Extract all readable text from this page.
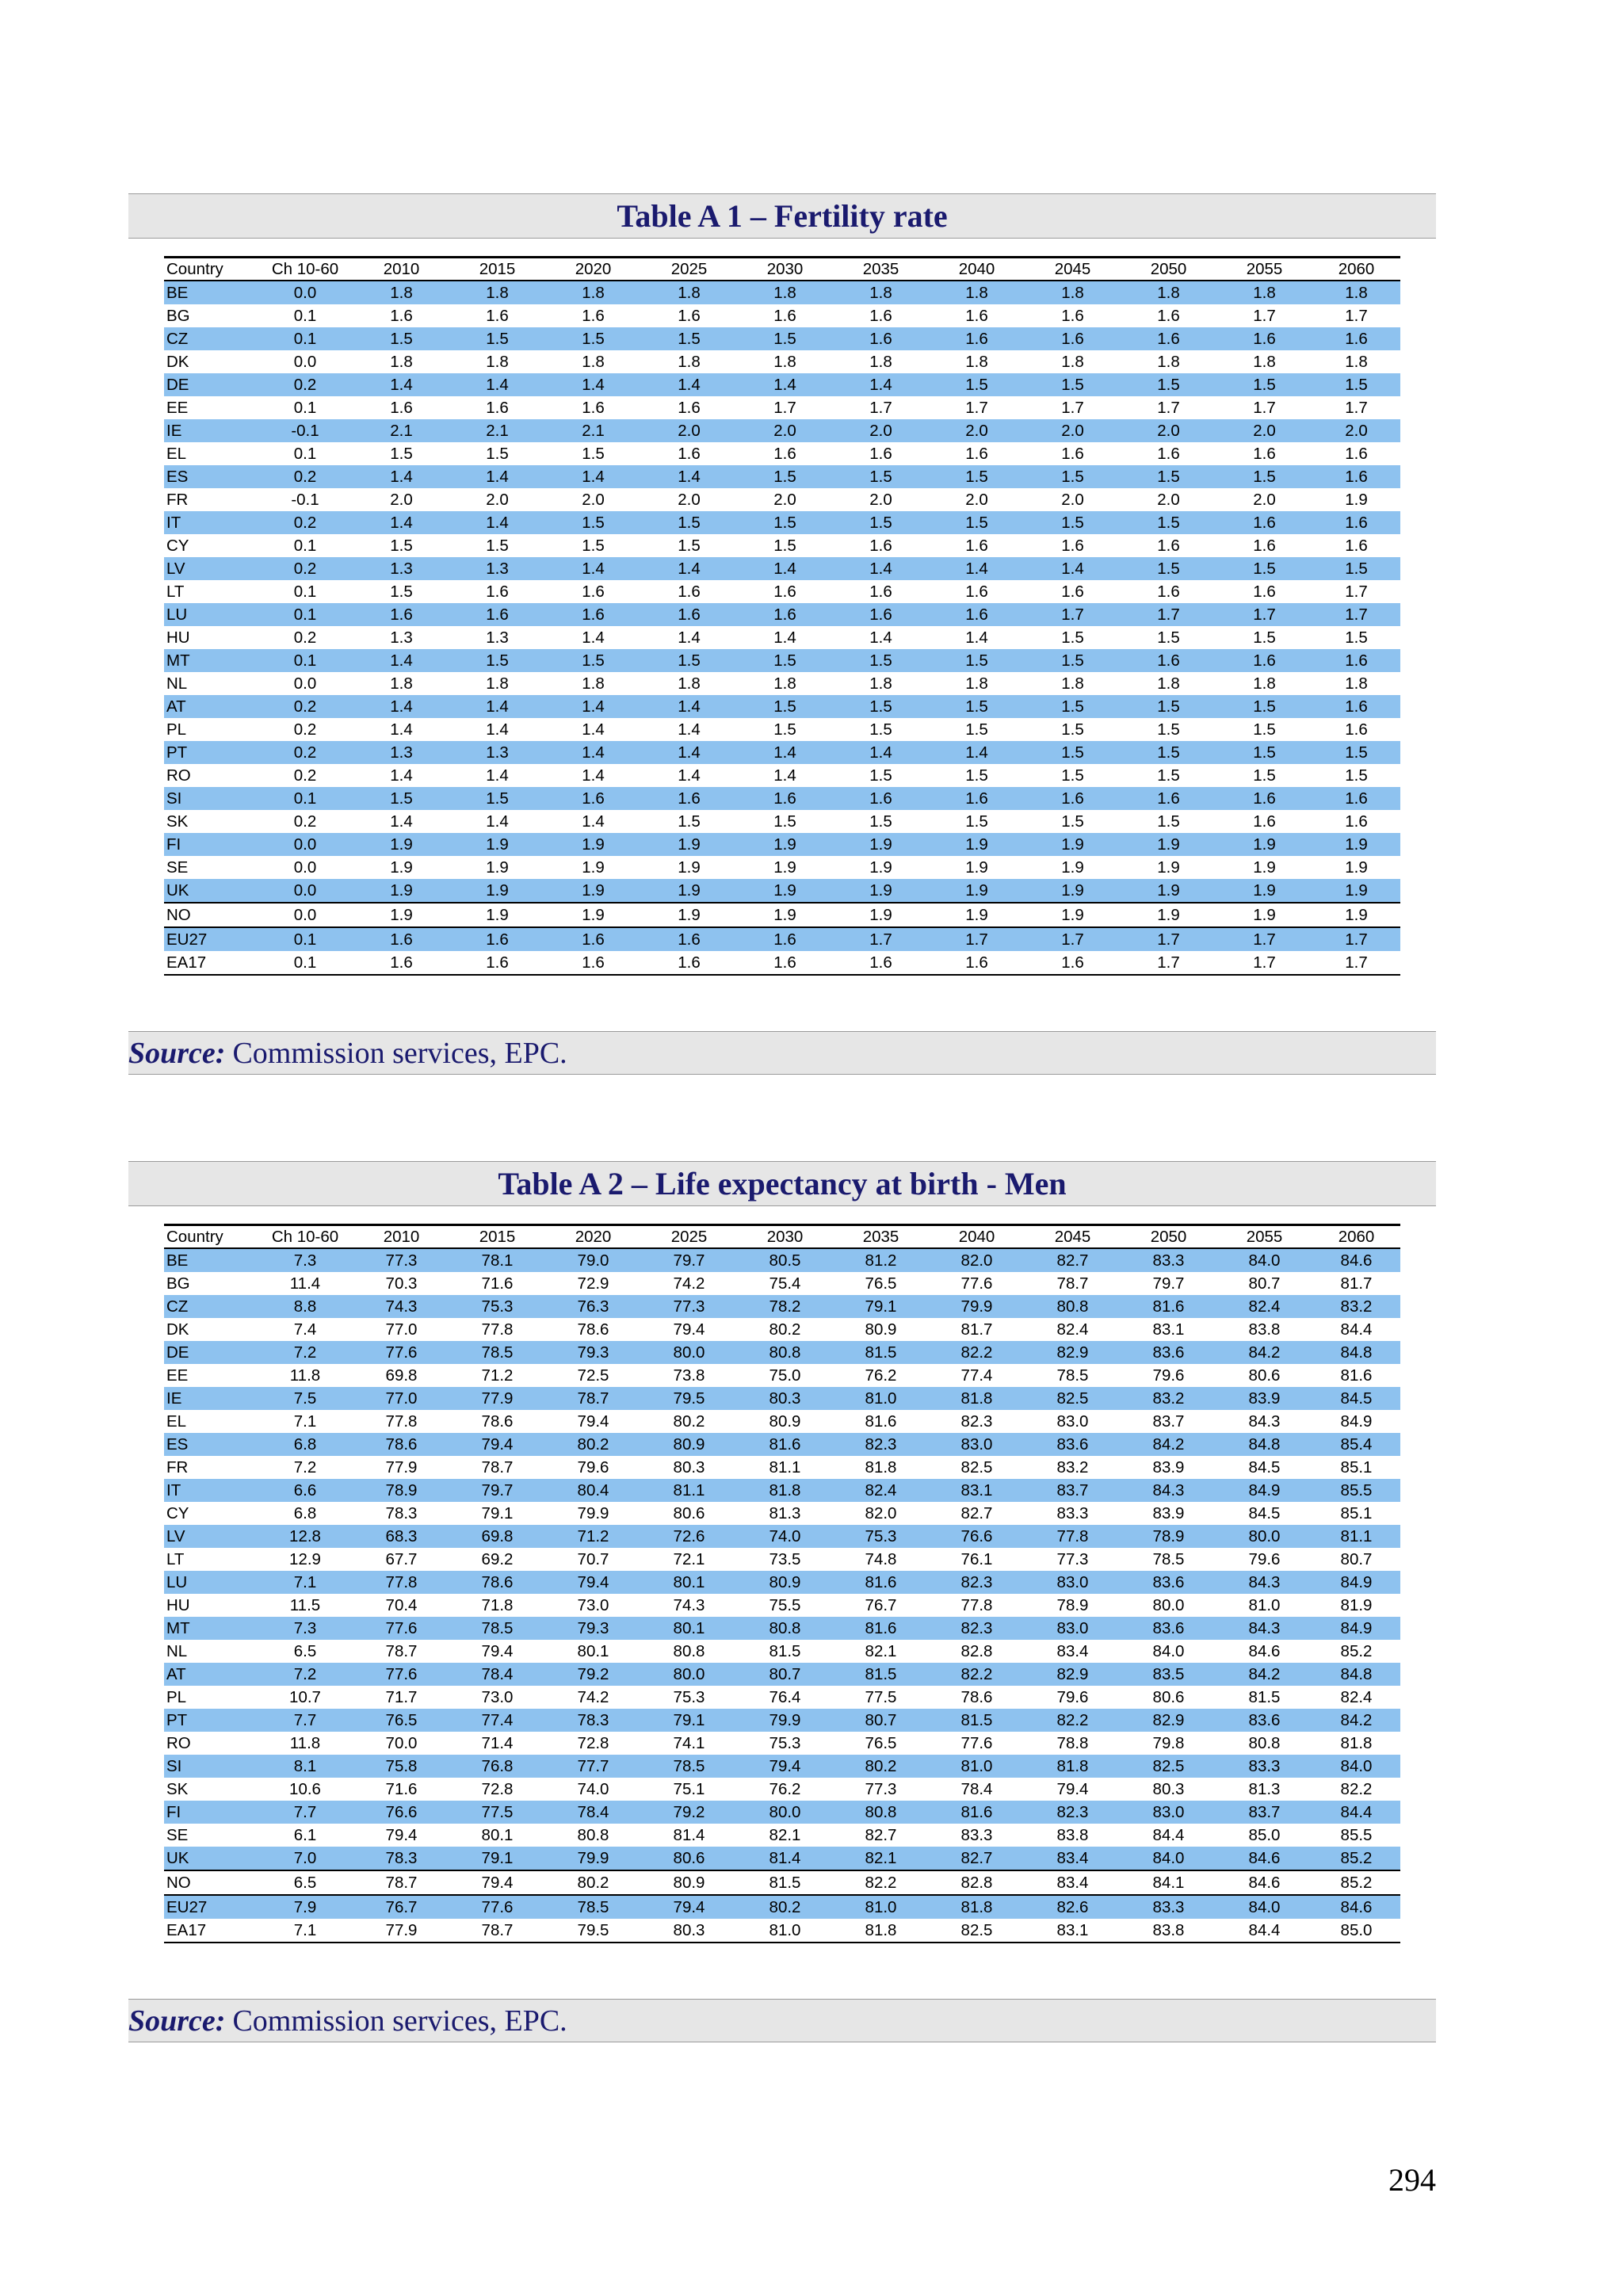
Table A 1 – Fertility rate
Country	Ch 10-60	2010	2015	2020	2025	2030	2035	2040	2045	2050	2055	2060
BE	0.0	1.8	1.8	1.8	1.8	1.8	1.8	1.8	1.8	1.8	1.8	1.8
BG	0.1	1.6	1.6	1.6	1.6	1.6	1.6	1.6	1.6	1.6	1.7	1.7
CZ	0.1	1.5	1.5	1.5	1.5	1.5	1.6	1.6	1.6	1.6	1.6	1.6
DK	0.0	1.8	1.8	1.8	1.8	1.8	1.8	1.8	1.8	1.8	1.8	1.8
DE	0.2	1.4	1.4	1.4	1.4	1.4	1.4	1.5	1.5	1.5	1.5	1.5
EE	0.1	1.6	1.6	1.6	1.6	1.7	1.7	1.7	1.7	1.7	1.7	1.7
IE	-0.1	2.1	2.1	2.1	2.0	2.0	2.0	2.0	2.0	2.0	2.0	2.0
EL	0.1	1.5	1.5	1.5	1.6	1.6	1.6	1.6	1.6	1.6	1.6	1.6
ES	0.2	1.4	1.4	1.4	1.4	1.5	1.5	1.5	1.5	1.5	1.5	1.6
FR	-0.1	2.0	2.0	2.0	2.0	2.0	2.0	2.0	2.0	2.0	2.0	1.9
IT	0.2	1.4	1.4	1.5	1.5	1.5	1.5	1.5	1.5	1.5	1.6	1.6
CY	0.1	1.5	1.5	1.5	1.5	1.5	1.6	1.6	1.6	1.6	1.6	1.6
LV	0.2	1.3	1.3	1.4	1.4	1.4	1.4	1.4	1.4	1.5	1.5	1.5
LT	0.1	1.5	1.6	1.6	1.6	1.6	1.6	1.6	1.6	1.6	1.6	1.7
LU	0.1	1.6	1.6	1.6	1.6	1.6	1.6	1.6	1.7	1.7	1.7	1.7
HU	0.2	1.3	1.3	1.4	1.4	1.4	1.4	1.4	1.5	1.5	1.5	1.5
MT	0.1	1.4	1.5	1.5	1.5	1.5	1.5	1.5	1.5	1.6	1.6	1.6
NL	0.0	1.8	1.8	1.8	1.8	1.8	1.8	1.8	1.8	1.8	1.8	1.8
AT	0.2	1.4	1.4	1.4	1.4	1.5	1.5	1.5	1.5	1.5	1.5	1.6
PL	0.2	1.4	1.4	1.4	1.4	1.5	1.5	1.5	1.5	1.5	1.5	1.6
PT	0.2	1.3	1.3	1.4	1.4	1.4	1.4	1.4	1.5	1.5	1.5	1.5
RO	0.2	1.4	1.4	1.4	1.4	1.4	1.5	1.5	1.5	1.5	1.5	1.5
SI	0.1	1.5	1.5	1.6	1.6	1.6	1.6	1.6	1.6	1.6	1.6	1.6
SK	0.2	1.4	1.4	1.4	1.5	1.5	1.5	1.5	1.5	1.5	1.6	1.6
FI	0.0	1.9	1.9	1.9	1.9	1.9	1.9	1.9	1.9	1.9	1.9	1.9
SE	0.0	1.9	1.9	1.9	1.9	1.9	1.9	1.9	1.9	1.9	1.9	1.9
UK	0.0	1.9	1.9	1.9	1.9	1.9	1.9	1.9	1.9	1.9	1.9	1.9
NO	0.0	1.9	1.9	1.9	1.9	1.9	1.9	1.9	1.9	1.9	1.9	1.9
EU27	0.1	1.6	1.6	1.6	1.6	1.6	1.7	1.7	1.7	1.7	1.7	1.7
EA17	0.1	1.6	1.6	1.6	1.6	1.6	1.6	1.6	1.6	1.7	1.7	1.7
Source: Commission services, EPC.
Table A 2 – Life expectancy at birth - Men
Country	Ch 10-60	2010	2015	2020	2025	2030	2035	2040	2045	2050	2055	2060
BE	7.3	77.3	78.1	79.0	79.7	80.5	81.2	82.0	82.7	83.3	84.0	84.6
BG	11.4	70.3	71.6	72.9	74.2	75.4	76.5	77.6	78.7	79.7	80.7	81.7
CZ	8.8	74.3	75.3	76.3	77.3	78.2	79.1	79.9	80.8	81.6	82.4	83.2
DK	7.4	77.0	77.8	78.6	79.4	80.2	80.9	81.7	82.4	83.1	83.8	84.4
DE	7.2	77.6	78.5	79.3	80.0	80.8	81.5	82.2	82.9	83.6	84.2	84.8
EE	11.8	69.8	71.2	72.5	73.8	75.0	76.2	77.4	78.5	79.6	80.6	81.6
IE	7.5	77.0	77.9	78.7	79.5	80.3	81.0	81.8	82.5	83.2	83.9	84.5
EL	7.1	77.8	78.6	79.4	80.2	80.9	81.6	82.3	83.0	83.7	84.3	84.9
ES	6.8	78.6	79.4	80.2	80.9	81.6	82.3	83.0	83.6	84.2	84.8	85.4
FR	7.2	77.9	78.7	79.6	80.3	81.1	81.8	82.5	83.2	83.9	84.5	85.1
IT	6.6	78.9	79.7	80.4	81.1	81.8	82.4	83.1	83.7	84.3	84.9	85.5
CY	6.8	78.3	79.1	79.9	80.6	81.3	82.0	82.7	83.3	83.9	84.5	85.1
LV	12.8	68.3	69.8	71.2	72.6	74.0	75.3	76.6	77.8	78.9	80.0	81.1
LT	12.9	67.7	69.2	70.7	72.1	73.5	74.8	76.1	77.3	78.5	79.6	80.7
LU	7.1	77.8	78.6	79.4	80.1	80.9	81.6	82.3	83.0	83.6	84.3	84.9
HU	11.5	70.4	71.8	73.0	74.3	75.5	76.7	77.8	78.9	80.0	81.0	81.9
MT	7.3	77.6	78.5	79.3	80.1	80.8	81.6	82.3	83.0	83.6	84.3	84.9
NL	6.5	78.7	79.4	80.1	80.8	81.5	82.1	82.8	83.4	84.0	84.6	85.2
AT	7.2	77.6	78.4	79.2	80.0	80.7	81.5	82.2	82.9	83.5	84.2	84.8
PL	10.7	71.7	73.0	74.2	75.3	76.4	77.5	78.6	79.6	80.6	81.5	82.4
PT	7.7	76.5	77.4	78.3	79.1	79.9	80.7	81.5	82.2	82.9	83.6	84.2
RO	11.8	70.0	71.4	72.8	74.1	75.3	76.5	77.6	78.8	79.8	80.8	81.8
SI	8.1	75.8	76.8	77.7	78.5	79.4	80.2	81.0	81.8	82.5	83.3	84.0
SK	10.6	71.6	72.8	74.0	75.1	76.2	77.3	78.4	79.4	80.3	81.3	82.2
FI	7.7	76.6	77.5	78.4	79.2	80.0	80.8	81.6	82.3	83.0	83.7	84.4
SE	6.1	79.4	80.1	80.8	81.4	82.1	82.7	83.3	83.8	84.4	85.0	85.5
UK	7.0	78.3	79.1	79.9	80.6	81.4	82.1	82.7	83.4	84.0	84.6	85.2
NO	6.5	78.7	79.4	80.2	80.9	81.5	82.2	82.8	83.4	84.1	84.6	85.2
EU27	7.9	76.7	77.6	78.5	79.4	80.2	81.0	81.8	82.6	83.3	84.0	84.6
EA17	7.1	77.9	78.7	79.5	80.3	81.0	81.8	82.5	83.1	83.8	84.4	85.0
Source: Commission services, EPC.
294
